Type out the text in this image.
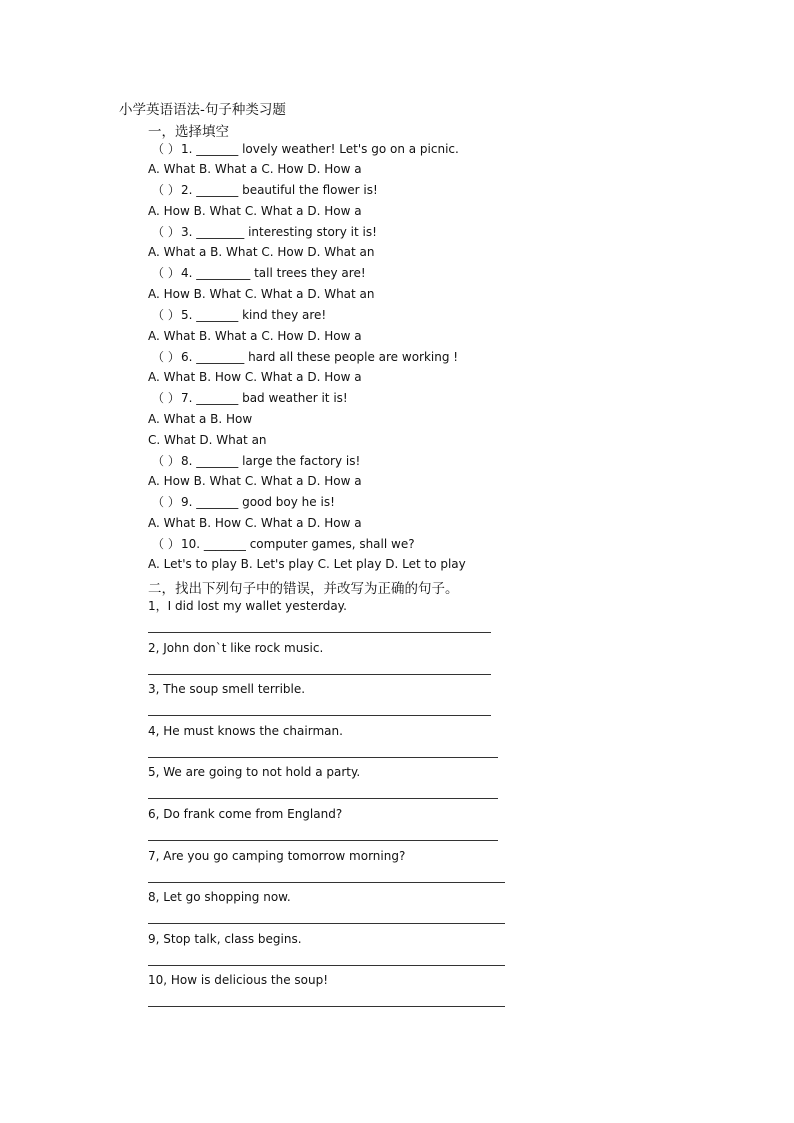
小学英语语法-句子种类习题
一，选择填空
（ ）1. _______ lovely weather! Let's go on a picnic.
A. What B. What a C. How D. How a
（ ）2. _______ beautiful the flower is!
A. How B. What C. What a D. How a
（ ）3. ________ interesting story it is!
A. What a B. What C. How D. What an
（ ）4. _________ tall trees they are!
A. How B. What C. What a D. What an
（ ）5. _______ kind they are!
A. What B. What a C. How D. How a
（ ）6. ________ hard all these people are working !
A. What B. How C. What a D. How a
（ ）7. _______ bad weather it is!
A. What a B. How
C. What D. What an
（ ）8. _______ large the factory is!
A. How B. What C. What a D. How a
（ ）9. _______ good boy he is!
A. What B. How C. What a D. How a
（ ）10. _______ computer games, shall we?
A. Let's to play B. Let's play C. Let play D. Let to play
二，找出下列句子中的错误，并改写为正确的句子。
1，I did lost my wallet yesterday.
2, John don`t like rock music.
3, The soup smell terrible.
4, He must knows the chairman.
5, We are going to not hold a party.
6, Do frank come from England?
7, Are you go camping tomorrow morning?
8, Let go shopping now.
9, Stop talk, class begins.
10, How is delicious the soup!
